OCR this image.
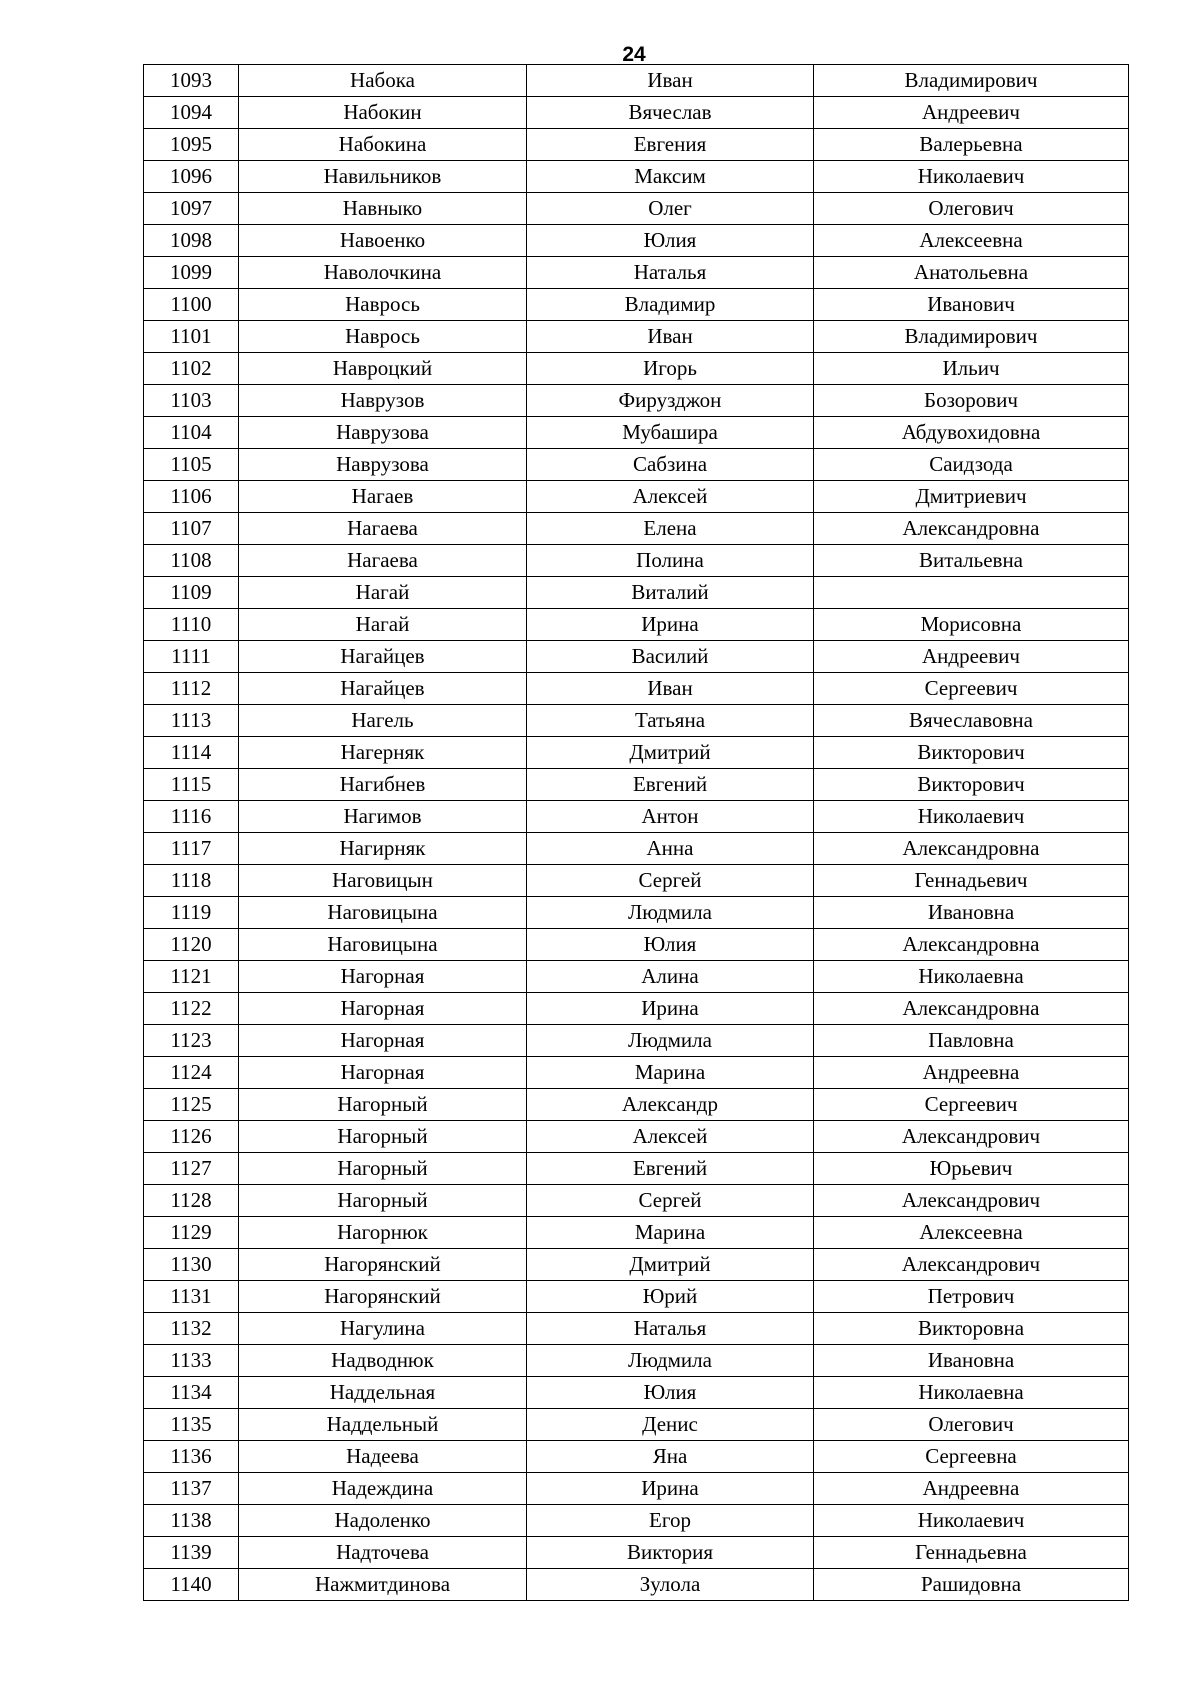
24
1093	Набока	Иван	Владимирович
1094	Набокин	Вячеслав	Андреевич
1095	Набокина	Евгения	Валерьевна
1096	Навильников	Максим	Николаевич
1097	Навныко	Олег	Олегович
1098	Навоенко	Юлия	Алексеевна
1099	Наволочкина	Наталья	Анатольевна
1100	Наврось	Владимир	Иванович
1101	Наврось	Иван	Владимирович
1102	Навроцкий	Игорь	Ильич
1103	Наврузов	Фирузджон	Бозорович
1104	Наврузова	Мубашира	Абдувохидовна
1105	Наврузова	Сабзина	Саидзода
1106	Нагаев	Алексей	Дмитриевич
1107	Нагаева	Елена	Александровна
1108	Нагаева	Полина	Витальевна
1109	Нагай	Виталий	
1110	Нагай	Ирина	Морисовна
1111	Нагайцев	Василий	Андреевич
1112	Нагайцев	Иван	Сергеевич
1113	Нагель	Татьяна	Вячеславовна
1114	Нагерняк	Дмитрий	Викторович
1115	Нагибнев	Евгений	Викторович
1116	Нагимов	Антон	Николаевич
1117	Нагирняк	Анна	Александровна
1118	Наговицын	Сергей	Геннадьевич
1119	Наговицына	Людмила	Ивановна
1120	Наговицына	Юлия	Александровна
1121	Нагорная	Алина	Николаевна
1122	Нагорная	Ирина	Александровна
1123	Нагорная	Людмила	Павловна
1124	Нагорная	Марина	Андреевна
1125	Нагорный	Александр	Сергеевич
1126	Нагорный	Алексей	Александрович
1127	Нагорный	Евгений	Юрьевич
1128	Нагорный	Сергей	Александрович
1129	Нагорнюк	Марина	Алексеевна
1130	Нагорянский	Дмитрий	Александрович
1131	Нагорянский	Юрий	Петрович
1132	Нагулина	Наталья	Викторовна
1133	Надводнюк	Людмила	Ивановна
1134	Наддельная	Юлия	Николаевна
1135	Наддельный	Денис	Олегович
1136	Надеева	Яна	Сергеевна
1137	Надеждина	Ирина	Андреевна
1138	Надоленко	Егор	Николаевич
1139	Надточева	Виктория	Геннадьевна
1140	Нажмитдинова	Зулола	Рашидовна
